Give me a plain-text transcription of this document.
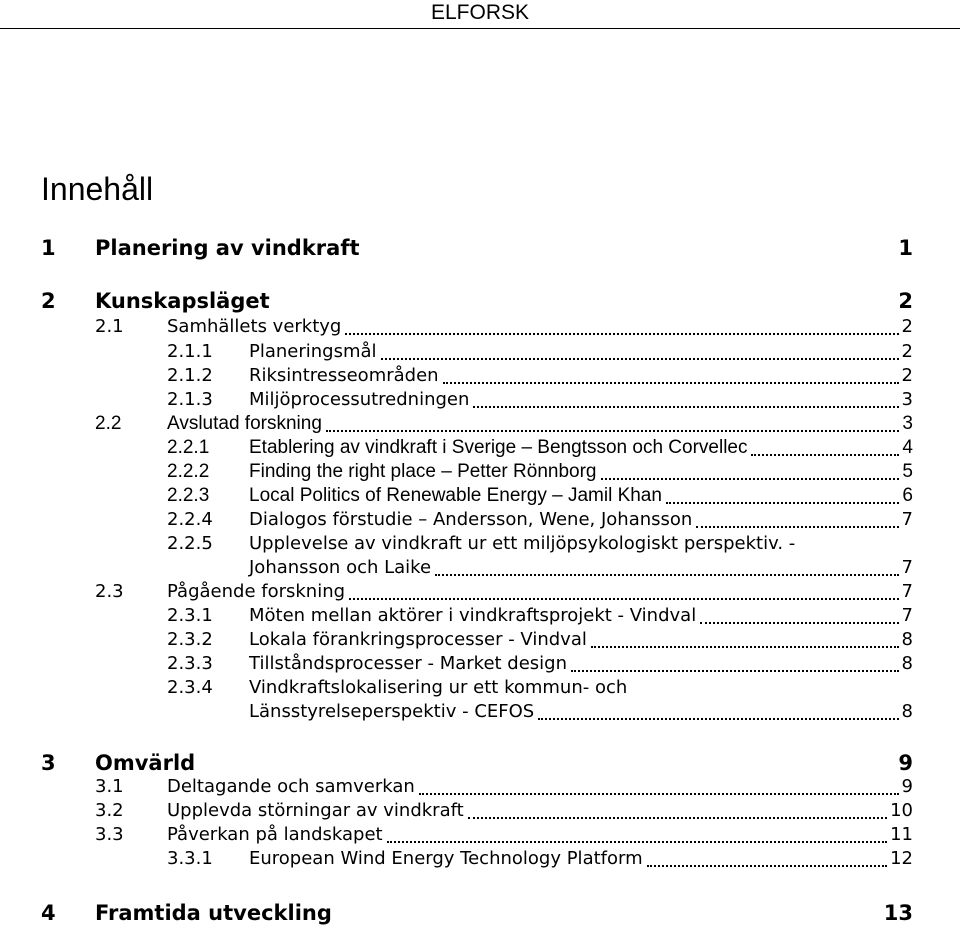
ELFORSK
Innehåll
1 Planering av vindkraft	1
2 Kunskapsläget	2
2.1 Samhällets verktyg	2
2.1.1 Planeringsmål	2
2.1.2 Riksintresseområden	2
2.1.3 Miljöprocessutredningen	3
2.2 Avslutad forskning	3
2.2.1 Etablering av vindkraft i Sverige – Bengtsson och Corvellec	4
2.2.2 Finding the right place – Petter Rönnborg	5
2.2.3 Local Politics of Renewable Energy – Jamil Khan	6
2.2.4 Dialogos förstudie – Andersson, Wene, Johansson	7
2.2.5 Upplevelse av vindkraft ur ett miljöpsykologiskt perspektiv. -
Johansson och Laike	7
2.3 Pågående forskning	7
2.3.1 Möten mellan aktörer i vindkraftsprojekt - Vindval	7
2.3.2 Lokala förankringsprocesser - Vindval	8
2.3.3 Tillståndsprocesser - Market design	8
2.3.4 Vindkraftslokalisering ur ett kommun- och
Länsstyrelseperspektiv - CEFOS	8
3 Omvärld	9
3.1 Deltagande och samverkan	9
3.2 Upplevda störningar av vindkraft	10
3.3 Påverkan på landskapet	11
3.3.1 European Wind Energy Technology Platform	12
4 Framtida utveckling	13
